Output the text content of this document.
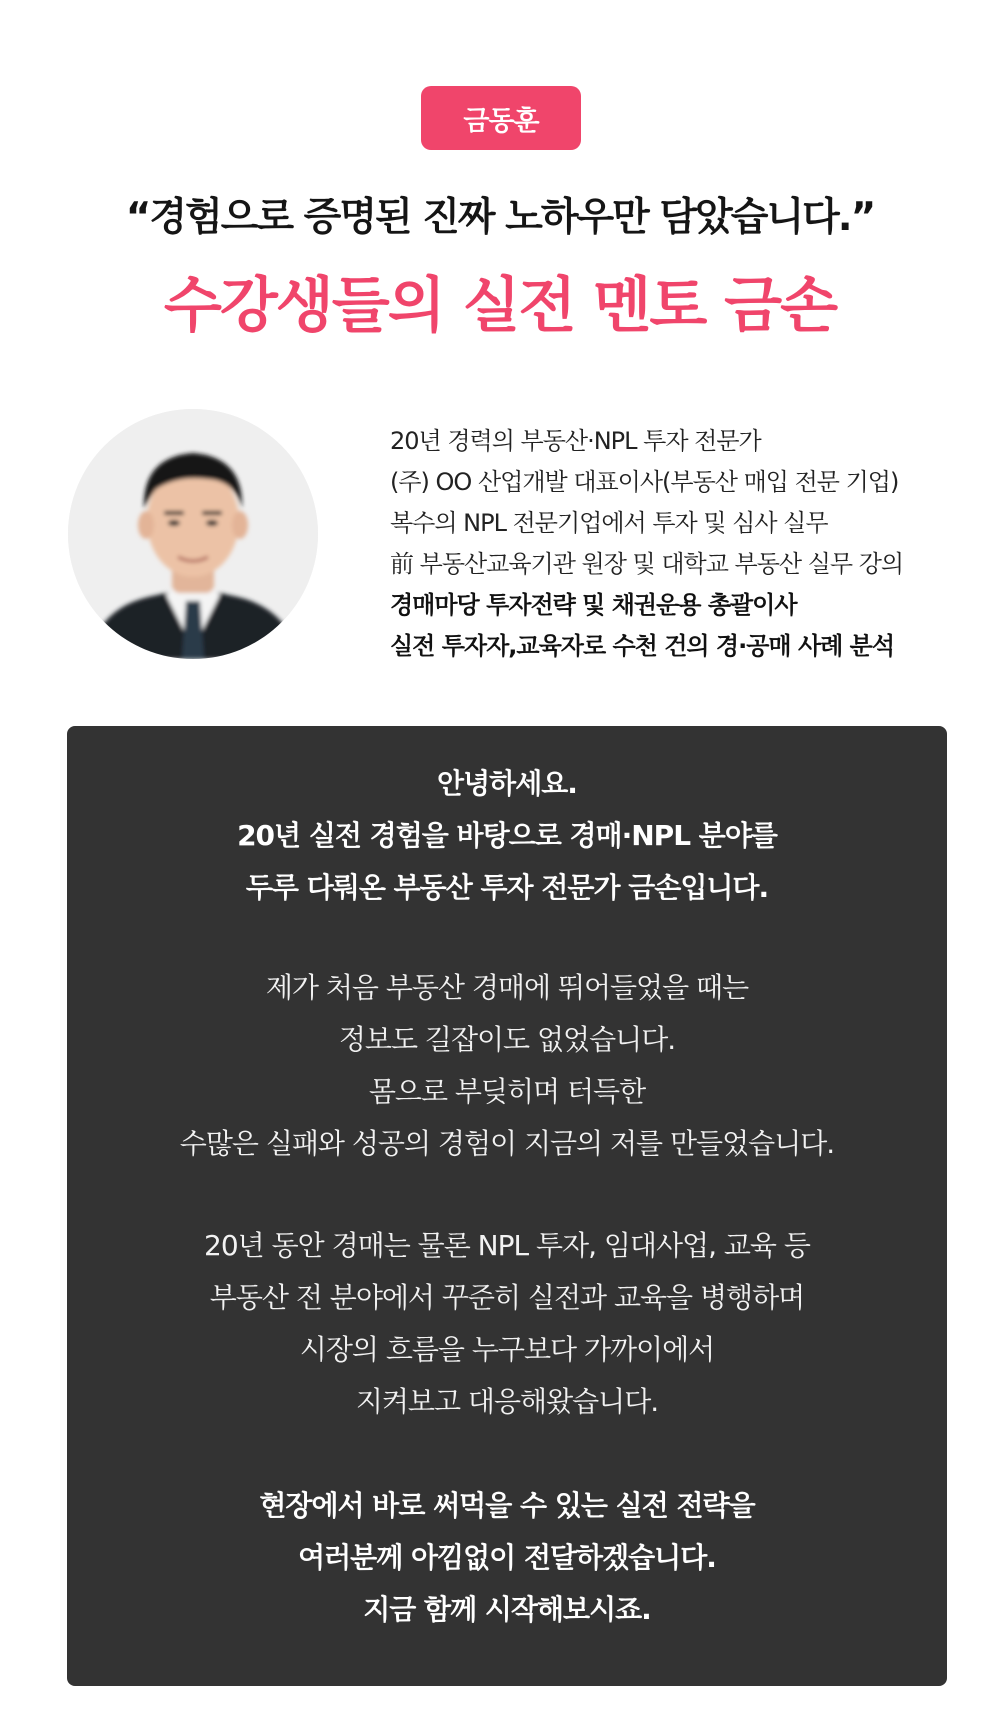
금동훈
“경험으로 증명된 진짜 노하우만 담았습니다.”
수강생들의 실전 멘토 금손
20년 경력의 부동산·NPL 투자 전문가
(주) OO 산업개발 대표이사(부동산 매입 전문 기업)
복수의 NPL 전문기업에서 투자 및 심사 실무
前 부동산교육기관 원장 및 대학교 부동산 실무 강의
경매마당 투자전략 및 채권운용 총괄이사
실전 투자자,교육자로 수천 건의 경·공매 사례 분석
안녕하세요.
20년 실전 경험을 바탕으로 경매·NPL 분야를
두루 다뤄온 부동산 투자 전문가 금손입니다.
제가 처음 부동산 경매에 뛰어들었을 때는
정보도 길잡이도 없었습니다.
몸으로 부딪히며 터득한
수많은 실패와 성공의 경험이 지금의 저를 만들었습니다.
20년 동안 경매는 물론 NPL 투자, 임대사업, 교육 등
부동산 전 분야에서 꾸준히 실전과 교육을 병행하며
시장의 흐름을 누구보다 가까이에서
지켜보고 대응해왔습니다.
현장에서 바로 써먹을 수 있는 실전 전략을
여러분께 아낌없이 전달하겠습니다.
지금 함께 시작해보시죠.
